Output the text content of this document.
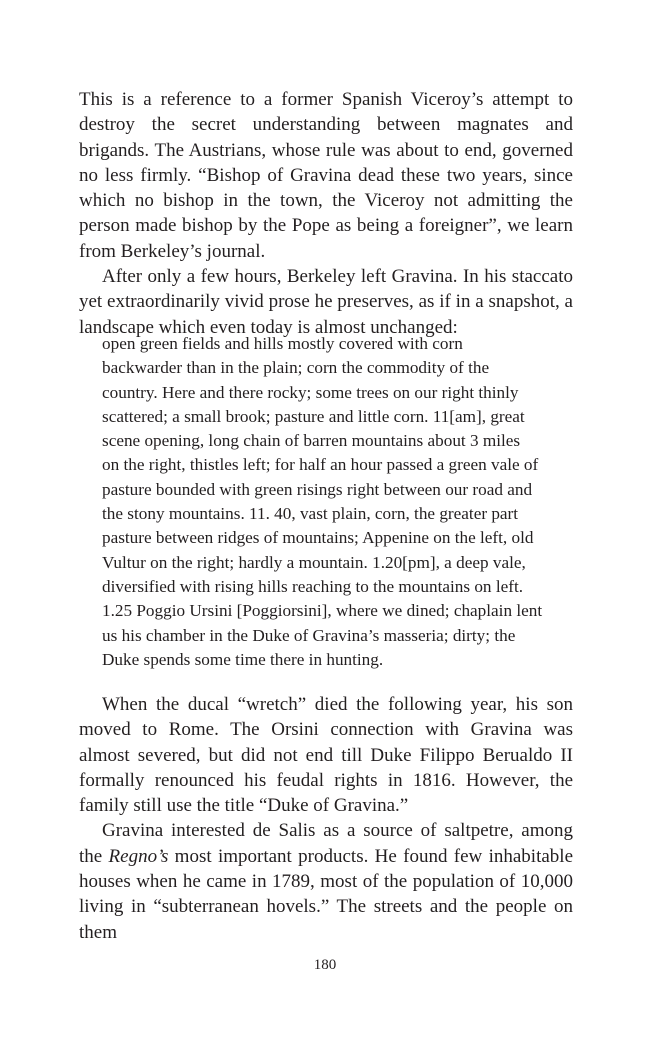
This is a reference to a former Spanish Viceroy’s attempt to destroy the secret understanding between magnates and brigands. The Austrians, whose rule was about to end, governed no less firmly. “Bishop of Gravina dead these two years, since which no bishop in the town, the Viceroy not admitting the person made bishop by the Pope as being a foreigner”, we learn from Berkeley’s journal.

After only a few hours, Berkeley left Gravina. In his staccato yet extraordinarily vivid prose he preserves, as if in a snapshot, a landscape which even today is almost unchanged:

open green fields and hills mostly covered with corn
backwarder than in the plain; corn the commodity of the
country. Here and there rocky; some trees on our right thinly
scattered; a small brook; pasture and little corn. 11[am], great
scene opening, long chain of barren mountains about 3 miles
on the right, thistles left; for half an hour passed a green vale of
pasture bounded with green risings right between our road and
the stony mountains. 11. 40, vast plain, corn, the greater part
pasture between ridges of mountains; Appenine on the left, old
Vultur on the right; hardly a mountain. 1.20[pm], a deep vale,
diversified with rising hills reaching to the mountains on left.
1.25 Poggio Ursini [Poggiorsini], where we dined; chaplain lent
us his chamber in the Duke of Gravina’s masseria; dirty; the
Duke spends some time there in hunting.

When the ducal “wretch” died the following year, his son moved to Rome. The Orsini connection with Gravina was almost severed, but did not end till Duke Filippo Berualdo II formally renounced his feudal rights in 1816. However, the family still use the title “Duke of Gravina.”

Gravina interested de Salis as a source of saltpetre, among the Regno’s most important products. He found few inhabitable houses when he came in 1789, most of the population of 10,000 living in “subterranean hovels.” The streets and the people on them

180
